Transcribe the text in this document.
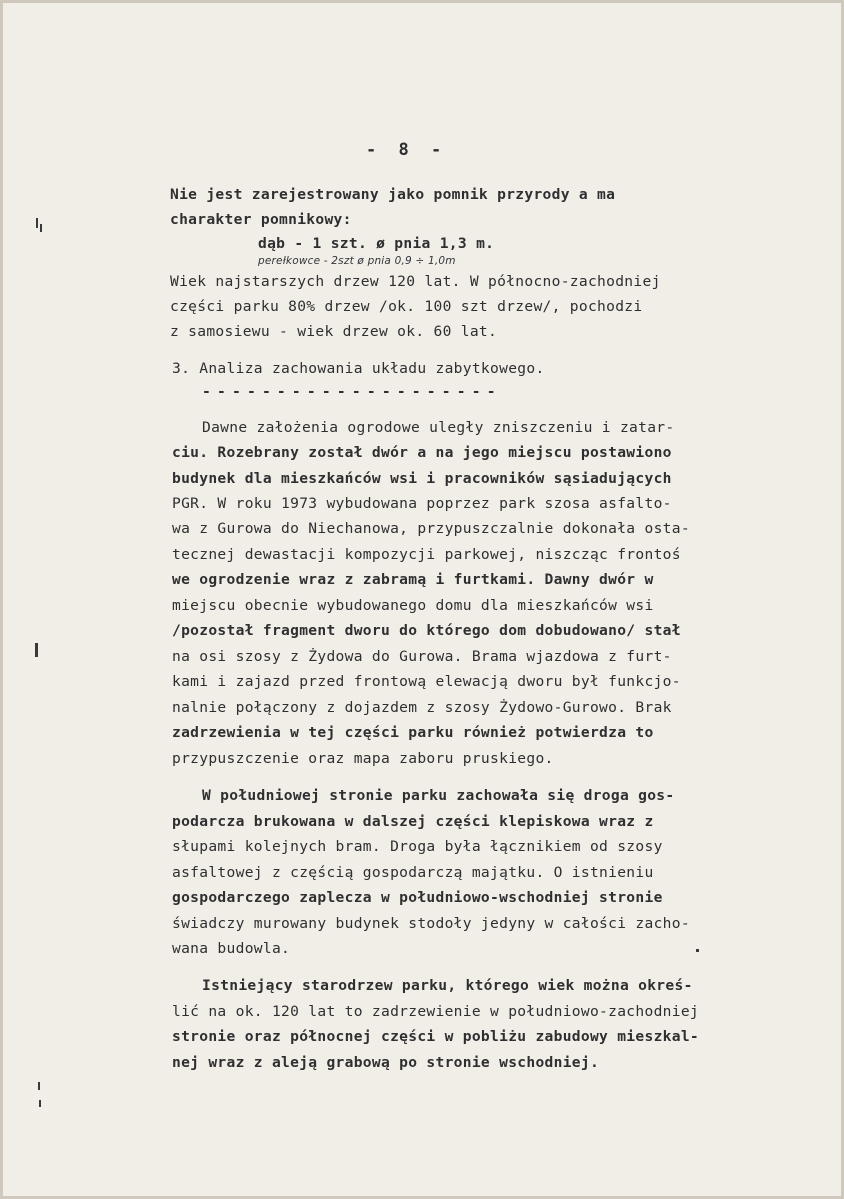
- 8 -
Nie jest zarejestrowany jako pomnik przyrody a ma
charakter pomnikowy:
dąb - 1 szt. ø pnia 1,3 m.
perełkowce - 2szt ø pnia 0,9 ÷ 1,0m
Wiek najstarszych drzew 120 lat. W północno-zachodniej
części parku 80% drzew /ok. 100 szt drzew/, pochodzi
z samosiewu - wiek drzew ok. 60 lat.
3. Analiza zachowania układu zabytkowego.
--------------------
Dawne założenia ogrodowe uległy zniszczeniu i zatar-
ciu. Rozebrany został dwór a na jego miejscu postawiono
budynek dla mieszkańców wsi i pracowników sąsiadujących
PGR. W roku 1973 wybudowana poprzez park szosa asfalto-
wa z Gurowa do Niechanowa, przypuszczalnie dokonała osta-
tecznej dewastacji kompozycji parkowej, niszcząc frontoś
we ogrodzenie wraz z zabramą i furtkami. Dawny dwór w
miejscu obecnie wybudowanego domu dla mieszkańców wsi
/pozostał fragment dworu do którego dom dobudowano/ stał
na osi szosy z Żydowa do Gurowa. Brama wjazdowa z furt-
kami i zajazd przed frontową elewacją dworu był funkcjo-
nalnie połączony z dojazdem z szosy Żydowo-Gurowo. Brak
zadrzewienia w tej części parku również potwierdza to
przypuszczenie oraz mapa zaboru pruskiego.
W południowej stronie parku zachowała się droga gos-
podarcza brukowana w dalszej części klepiskowa wraz z
słupami kolejnych bram. Droga była łącznikiem od szosy
asfaltowej z częścią gospodarczą majątku. O istnieniu
gospodarczego zaplecza w południowo-wschodniej stronie
świadczy murowany budynek stodoły jedyny w całości zacho-
wana budowla.
Istniejący starodrzew parku, którego wiek można okreś-
lić na ok. 120 lat to zadrzewienie w południowo-zachodniej
stronie oraz północnej części w pobliżu zabudowy mieszkal-
nej wraz z aleją grabową po stronie wschodniej.
